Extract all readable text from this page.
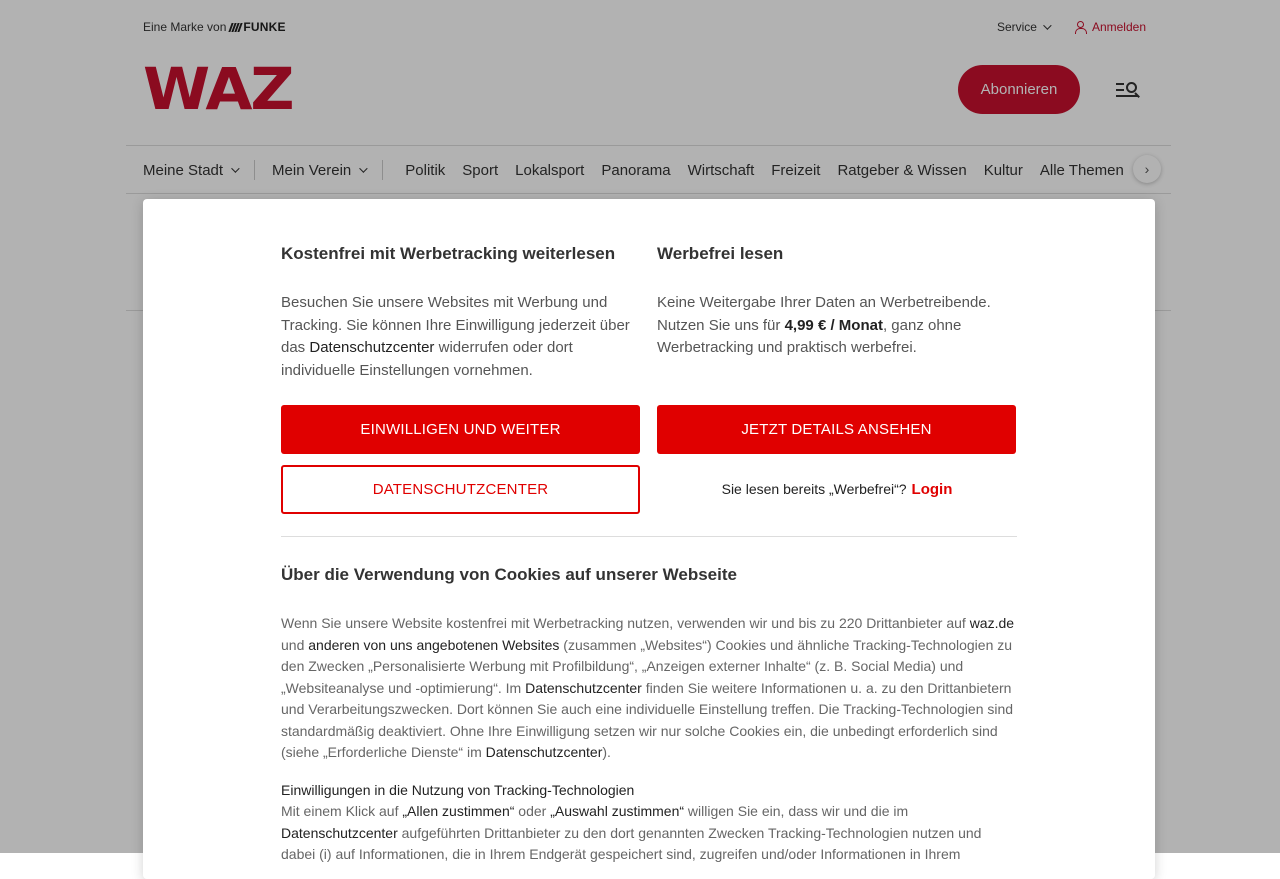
Eine Marke von FUNKE	Service	Anmelden
WAZ	Abonnieren
Meine Stadt	Mein Verein	Politik Sport Lokalsport Panorama Wirtschaft Freizeit Ratgeber & Wissen Kultur Alle Themen	›
Kostenfrei mit Werbetracking weiterlesen

Besuchen Sie unsere Websites mit Werbung und Tracking. Sie können Ihre Einwilligung jederzeit über das Datenschutzcenter widerrufen oder dort individuelle Einstellungen vornehmen.

EINWILLIGEN UND WEITER
DATENSCHUTZCENTER
Werbefrei lesen

Keine Weitergabe Ihrer Daten an Werbetreibende. Nutzen Sie uns für 4,99 € / Monat, ganz ohne Werbetracking und praktisch werbefrei.

JETZT DETAILS ANSEHEN
Sie lesen bereits „Werbefrei“? Login
Über die Verwendung von Cookies auf unserer Webseite
Wenn Sie unsere Website kostenfrei mit Werbetracking nutzen, verwenden wir und bis zu 220 Drittanbieter auf waz.de und anderen von uns angebotenen Websites (zusammen „Websites“) Cookies und ähnliche Tracking-Technologien zu den Zwecken „Personalisierte Werbung mit Profilbildung“, „Anzeigen externer Inhalte“ (z. B. Social Media) und „Websiteanalyse und -optimierung“. Im Datenschutzcenter finden Sie weitere Informationen u. a. zu den Drittanbietern und Verarbeitungszwecken. Dort können Sie auch eine individuelle Einstellung treffen. Die Tracking-Technologien sind standardmäßig deaktiviert. Ohne Ihre Einwilligung setzen wir nur solche Cookies ein, die unbedingt erforderlich sind (siehe „Erforderliche Dienste“ im Datenschutzcenter).
Einwilligungen in die Nutzung von Tracking-Technologien
Mit einem Klick auf „Allen zustimmen“ oder „Auswahl zustimmen“ willigen Sie ein, dass wir und die im Datenschutzcenter aufgeführten Drittanbieter zu den dort genannten Zwecken Tracking-Technologien nutzen und dabei (i) auf Informationen, die in Ihrem Endgerät gespeichert sind, zugreifen und/oder Informationen in Ihrem
